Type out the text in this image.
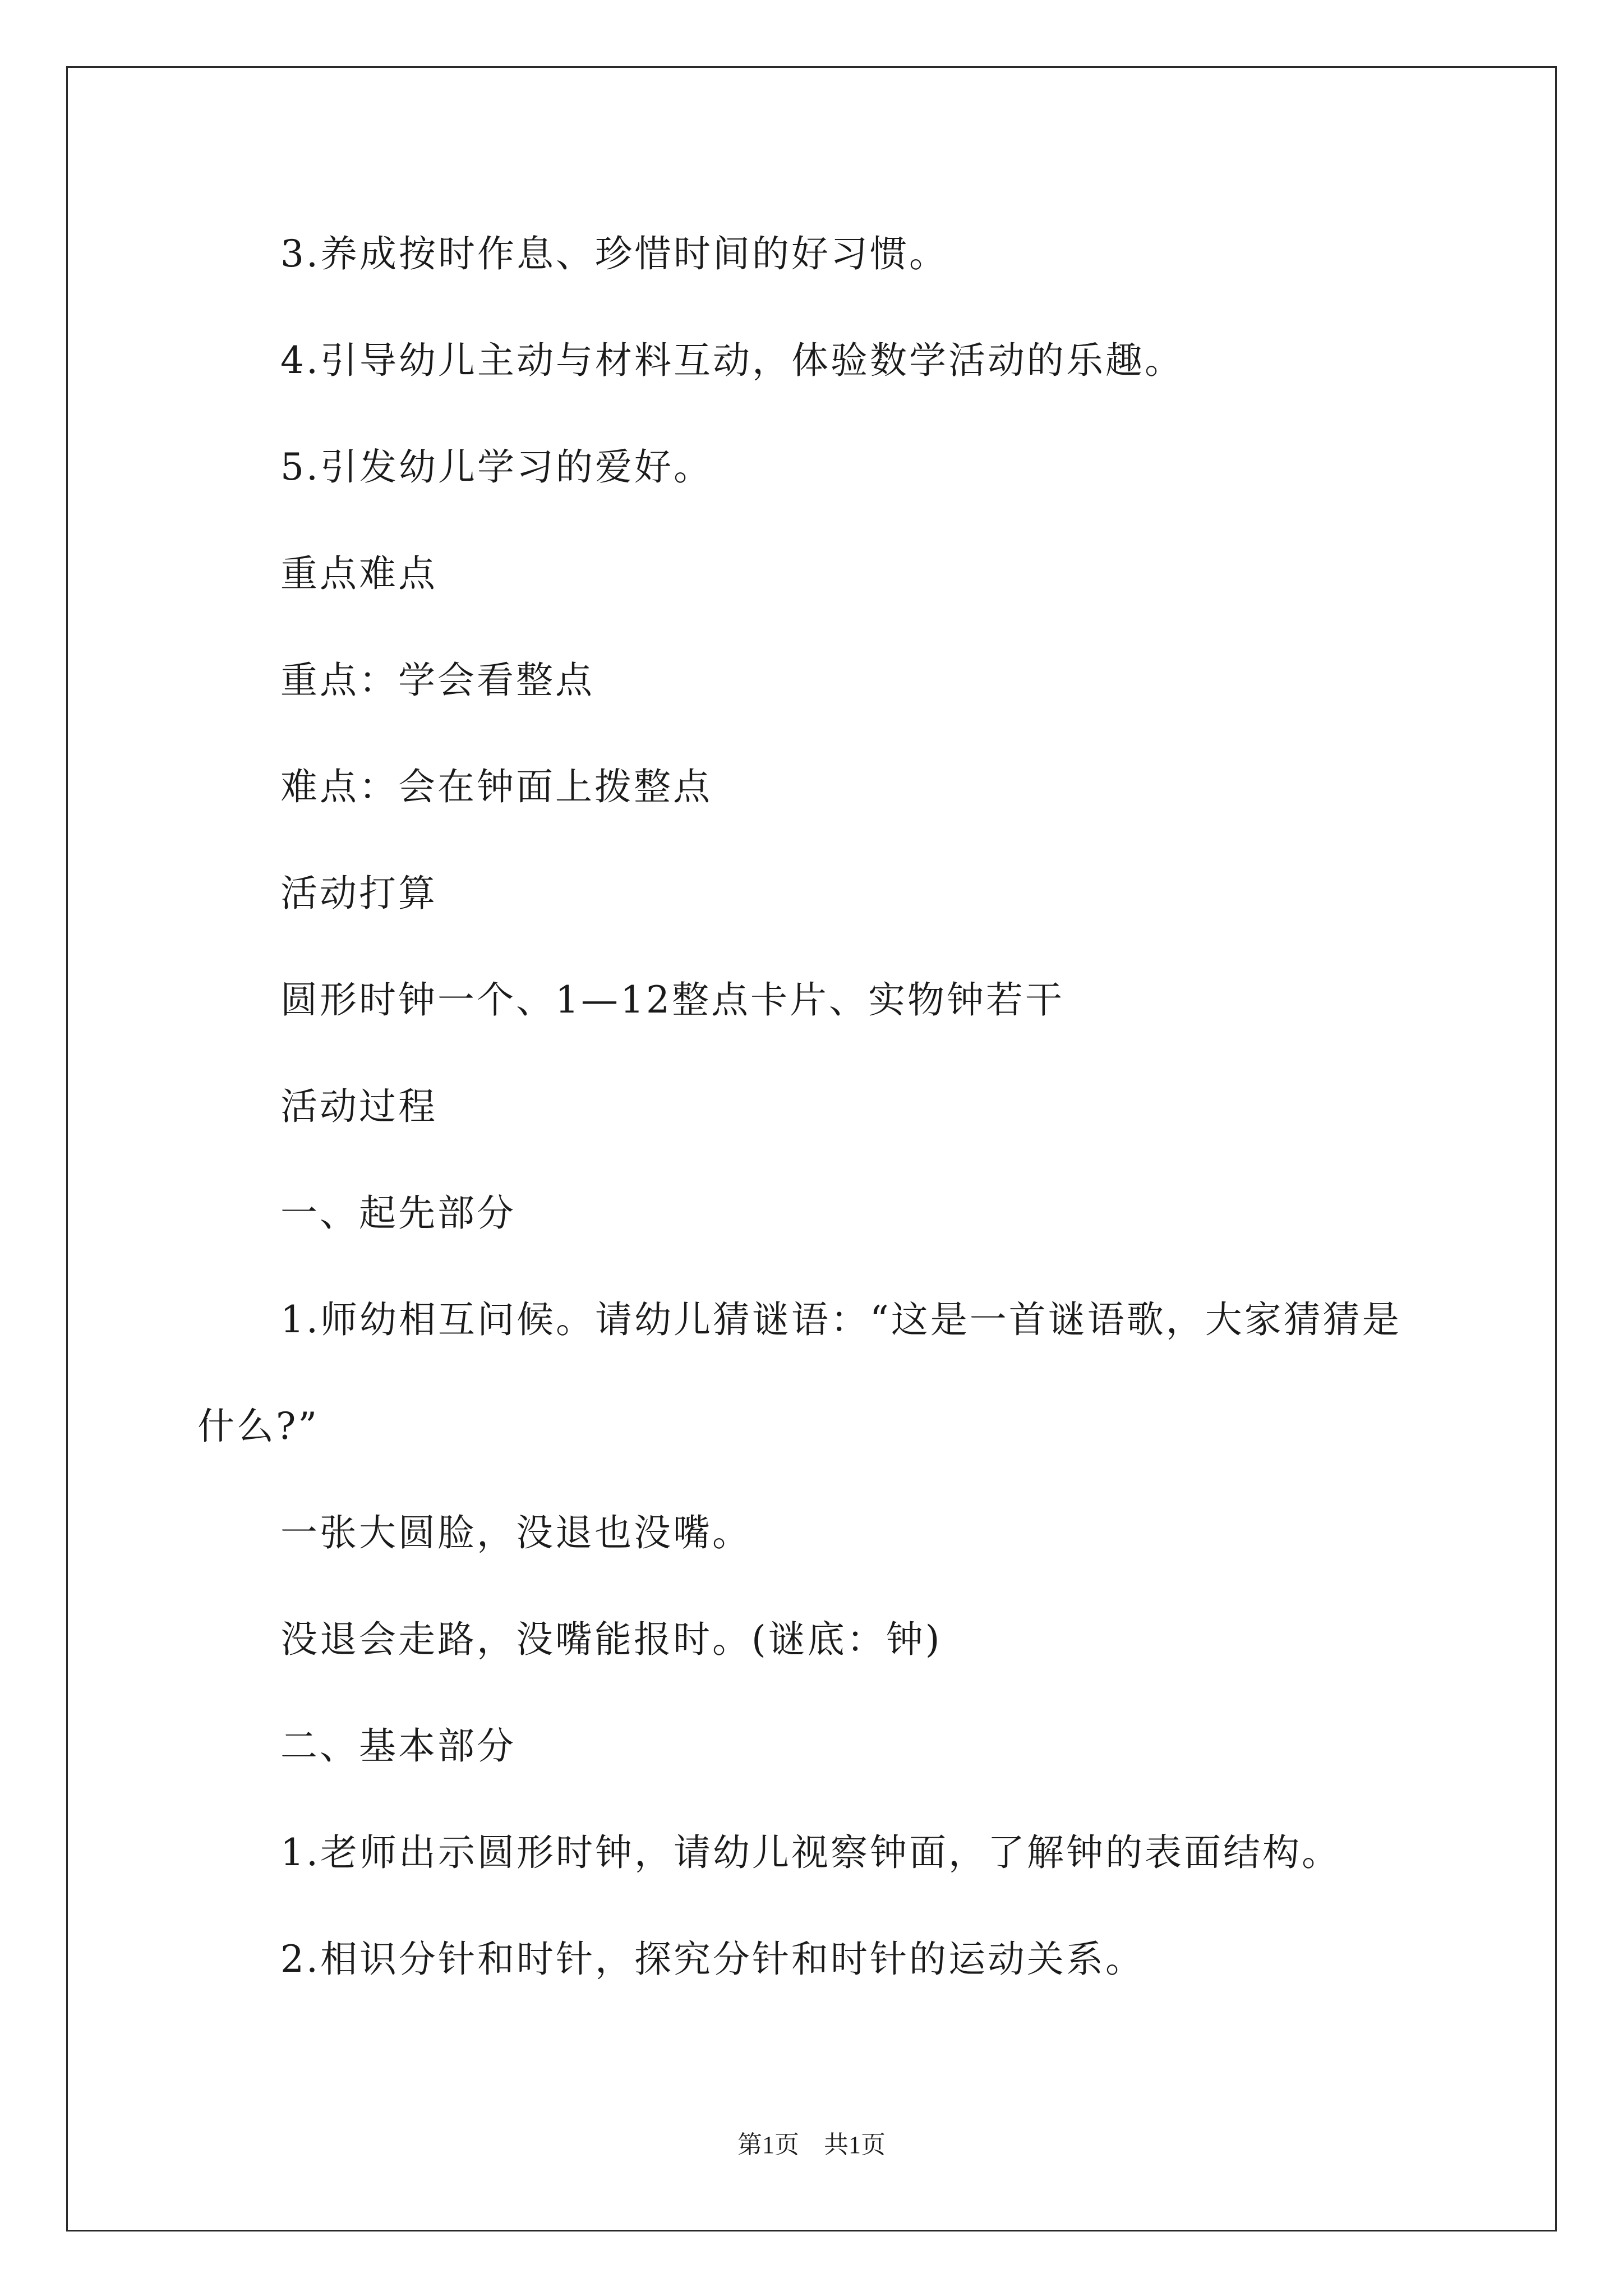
3.养成按时作息、珍惜时间的好习惯。
4.引导幼儿主动与材料互动，体验数学活动的乐趣。
5.引发幼儿学习的爱好。
重点难点
重点：学会看整点
难点：会在钟面上拨整点
活动打算
圆形时钟一个、1—12整点卡片、实物钟若干
活动过程
一、起先部分
1.师幼相互问候。请幼儿猜谜语：“这是一首谜语歌，大家猜猜是
什么?”
一张大圆脸，没退也没嘴。
没退会走路，没嘴能报时。(谜底：钟)
二、基本部分
1.老师出示圆形时钟，请幼儿视察钟面，了解钟的表面结构。
2.相识分针和时针，探究分针和时针的运动关系。
第1页　共1页
